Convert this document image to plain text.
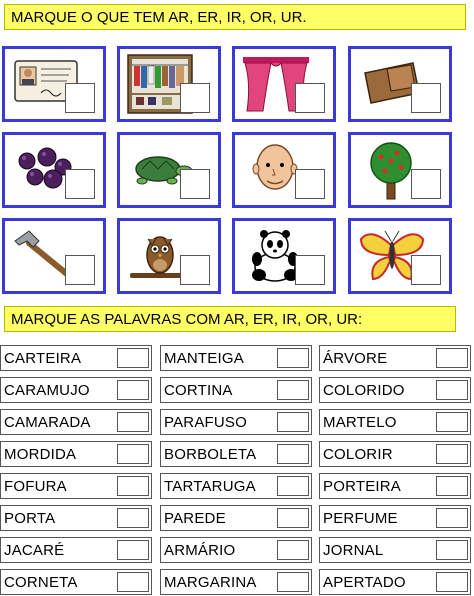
MARQUE O QUE TEM AR, ER, IR, OR, UR.
MARQUE AS PALAVRAS COM AR, ER, IR, OR, UR:
CARTEIRA
CARAMUJO
CAMARADA
MORDIDA
FOFURA
PORTA
JACARÉ
CORNETA
MANTEIGA
CORTINA
PARAFUSO
BORBOLETA
TARTARUGA
PAREDE
ARMÁRIO
MARGARINA
ÁRVORE
COLORIDO
MARTELO
COLORIR
PORTEIRA
PERFUME
JORNAL
APERTADO
